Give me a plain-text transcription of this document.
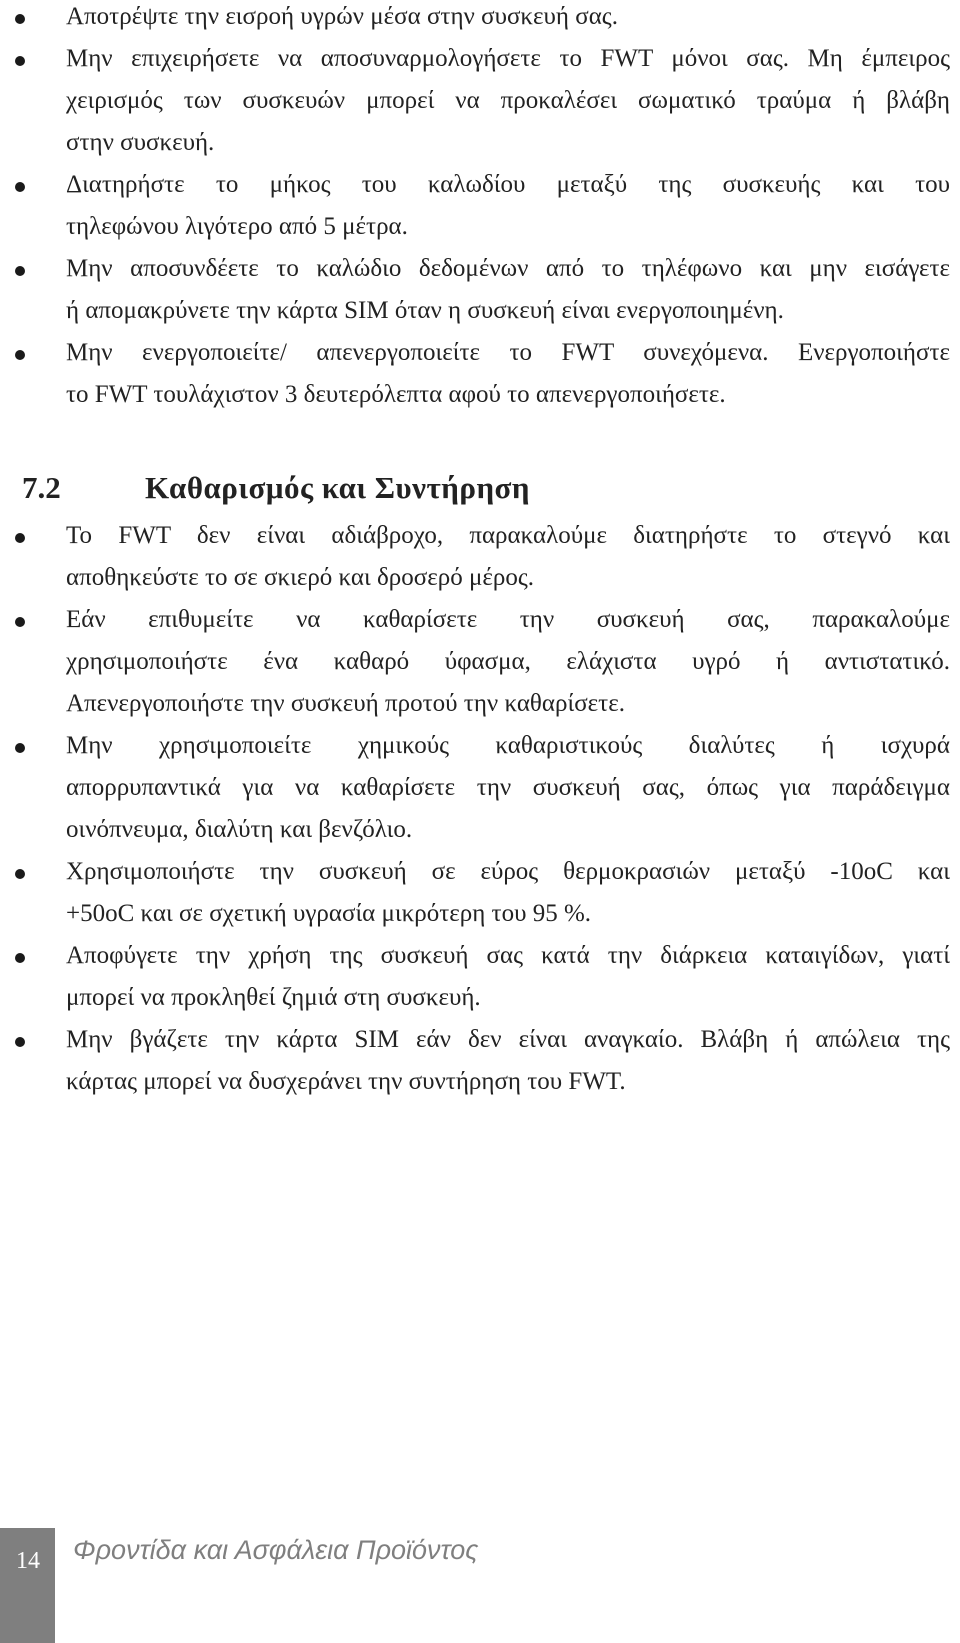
Αποτρέψτε την εισροή υγρών μέσα στην συσκευή σας.
Μην επιχειρήσετε να αποσυναρμολογήσετε το FWT μόνοι σας. Μη έμπειρος
χειρισμός των συσκευών μπορεί να προκαλέσει σωματικό τραύμα ή βλάβη
στην συσκευή.
Διατηρήστε το μήκος του καλωδίου μεταξύ της συσκευής και του
τηλεφώνου λιγότερο από 5 μέτρα.
Μην αποσυνδέετε το καλώδιο δεδομένων από το τηλέφωνο και μην εισάγετε
ή απομακρύνετε την κάρτα SIM όταν η συσκευή είναι ενεργοποιημένη.
Μην ενεργοποιείτε/ απενεργοποιείτε το FWT συνεχόμενα. Ενεργοποιήστε
το FWT τουλάχιστον 3 δευτερόλεπτα αφού το απενεργοποιήσετε.
7.2	Καθαρισμός και Συντήρηση
Το FWT δεν είναι αδιάβροχο, παρακαλούμε διατηρήστε το στεγνό και
αποθηκεύστε το σε σκιερό και δροσερό μέρος.
Εάν επιθυμείτε να καθαρίσετε την συσκευή σας, παρακαλούμε
χρησιμοποιήστε ένα καθαρό ύφασμα, ελάχιστα υγρό ή αντιστατικό.
Απενεργοποιήστε την συσκευή προτού την καθαρίσετε.
Μην χρησιμοποιείτε χημικούς καθαριστικούς διαλύτες ή ισχυρά
απορρυπαντικά για να καθαρίσετε την συσκευή σας, όπως για παράδειγμα
οινόπνευμα, διαλύτη και βενζόλιο.
Χρησιμοποιήστε την συσκευή σε εύρος θερμοκρασιών μεταξύ -10oC και
+50oC και σε σχετική υγρασία μικρότερη του 95 %.
Αποφύγετε την χρήση της συσκευή σας κατά την διάρκεια καταιγίδων, γιατί
μπορεί να προκληθεί ζημιά στη συσκευή.
Μην βγάζετε την κάρτα SIM εάν δεν είναι αναγκαίο. Βλάβη ή απώλεια της
κάρτας μπορεί να δυσχεράνει την συντήρηση του FWT.
14 Φροντίδα και Ασφάλεια Προϊόντος
